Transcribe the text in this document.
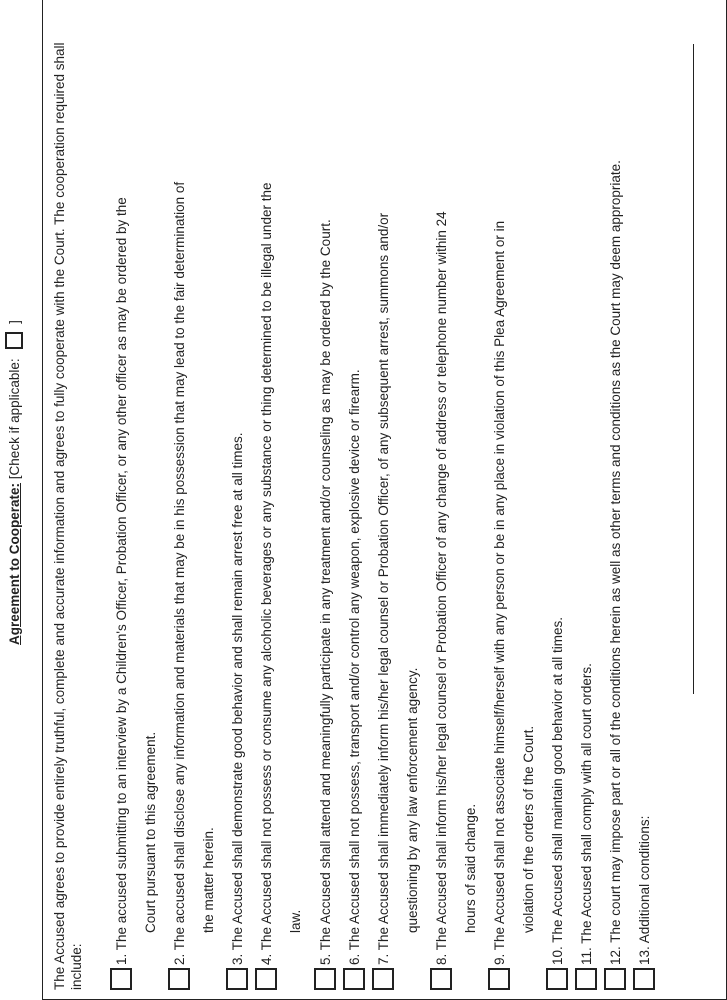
Agreement to Cooperate: [Check if applicable:  ]	The Accused agrees to provide entirely truthful, complete and accurate information and agrees to fully cooperate with the Court. The cooperation required shall include:
1. The accused submitting to an interview by a Children's Officer, Probation Officer, or any other officer as may be ordered by the	Court pursuant to this agreement.	2. The accused shall disclose any information and materials that may be in his possession that may lead to the fair determination of	the matter herein.	3. The Accused shall demonstrate good behavior and shall remain arrest free at all times.	4. The Accused shall not possess or consume any alcoholic beverages or any substance or thing determined to be illegal under the	law.	5. The Accused shall attend and meaningfully participate in any treatment and/or counseling as may be ordered by the Court.	6. The Accused shall not possess, transport and/or control any weapon, explosive device or firearm.	7. The Accused shall immediately inform his/her legal counsel or Probation Officer, of any subsequent arrest, summons and/or	questioning by any law enforcement agency.	8. The Accused shall inform his/her legal counsel or Probation Officer of any change of address or telephone number within 24	hours of said change.	9. The Accused shall not associate himself/herself with any person or be in any place in violation of this Plea Agreement or in	violation of the orders of the Court.	10. The Accused shall maintain good behavior at all times.	11. The Accused shall comply with all court orders.	12. The court may impose part or all of the conditions herein as well as other terms and conditions as the Court may deem appropriate.	13. Additional conditions:
